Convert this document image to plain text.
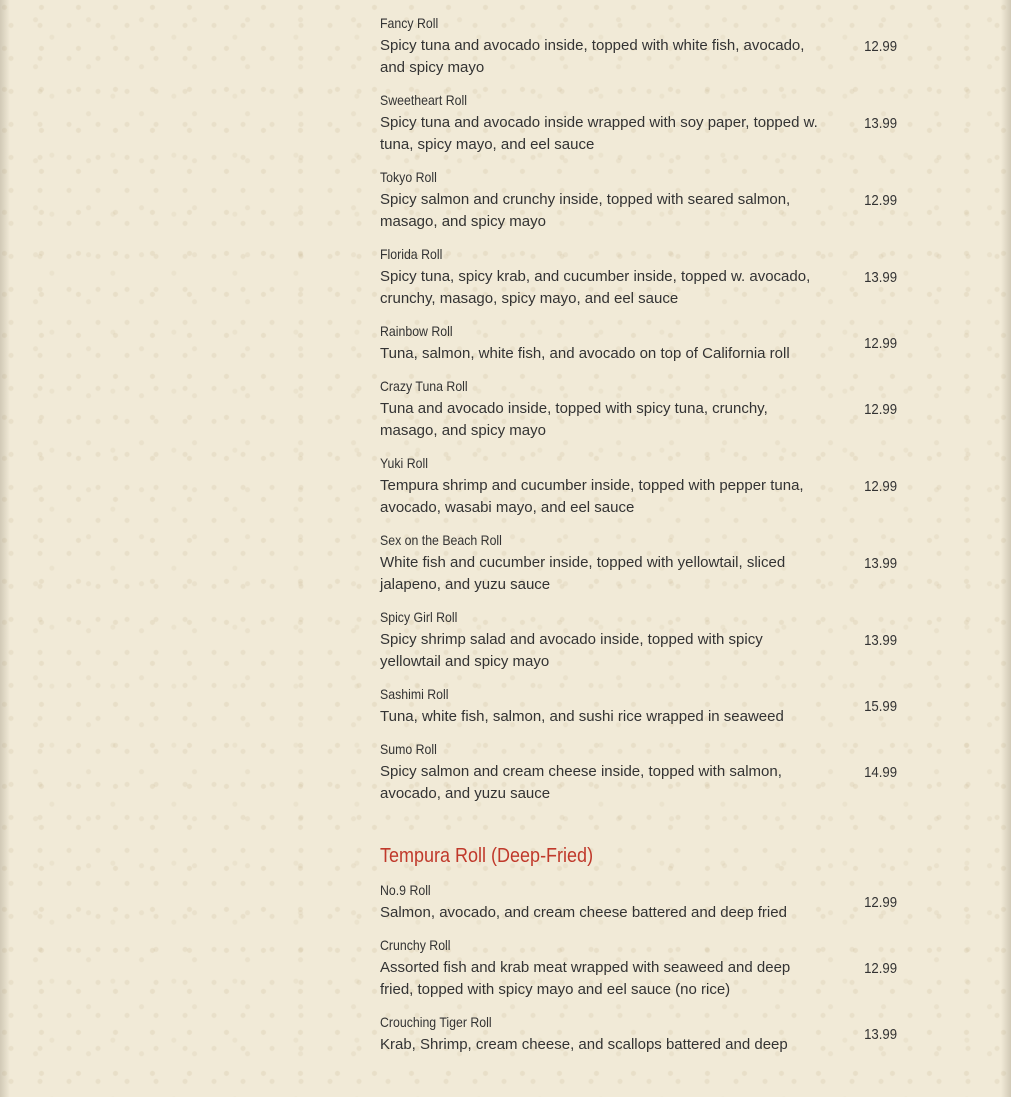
Fancy Roll
Spicy tuna and avocado inside, topped with white fish, avocado, and spicy mayo
12.99
Sweetheart Roll
Spicy tuna and avocado inside wrapped with soy paper, topped w. tuna, spicy mayo, and eel sauce
13.99
Tokyo Roll
Spicy salmon and crunchy inside, topped with seared salmon, masago, and spicy mayo
12.99
Florida Roll
Spicy tuna, spicy krab, and cucumber inside, topped w. avocado, crunchy, masago, spicy mayo, and eel sauce
13.99
Rainbow Roll
Tuna, salmon, white fish, and avocado on top of California roll
12.99
Crazy Tuna Roll
Tuna and avocado inside, topped with spicy tuna, crunchy, masago, and spicy mayo
12.99
Yuki Roll
Tempura shrimp and cucumber inside, topped with pepper tuna, avocado, wasabi mayo, and eel sauce
12.99
Sex on the Beach Roll
White fish and cucumber inside, topped with yellowtail, sliced jalapeno, and yuzu sauce
13.99
Spicy Girl Roll
Spicy shrimp salad and avocado inside, topped with spicy yellowtail and spicy mayo
13.99
Sashimi Roll
Tuna, white fish, salmon, and sushi rice wrapped in seaweed
15.99
Sumo Roll
Spicy salmon and cream cheese inside, topped with salmon, avocado, and yuzu sauce
14.99
Tempura Roll (Deep-Fried)
No.9 Roll
Salmon, avocado, and cream cheese battered and deep fried
12.99
Crunchy Roll
Assorted fish and krab meat wrapped with seaweed and deep fried, topped with spicy mayo and eel sauce (no rice)
12.99
Crouching Tiger Roll
Krab, Shrimp, cream cheese, and scallops battered and deep
13.99
